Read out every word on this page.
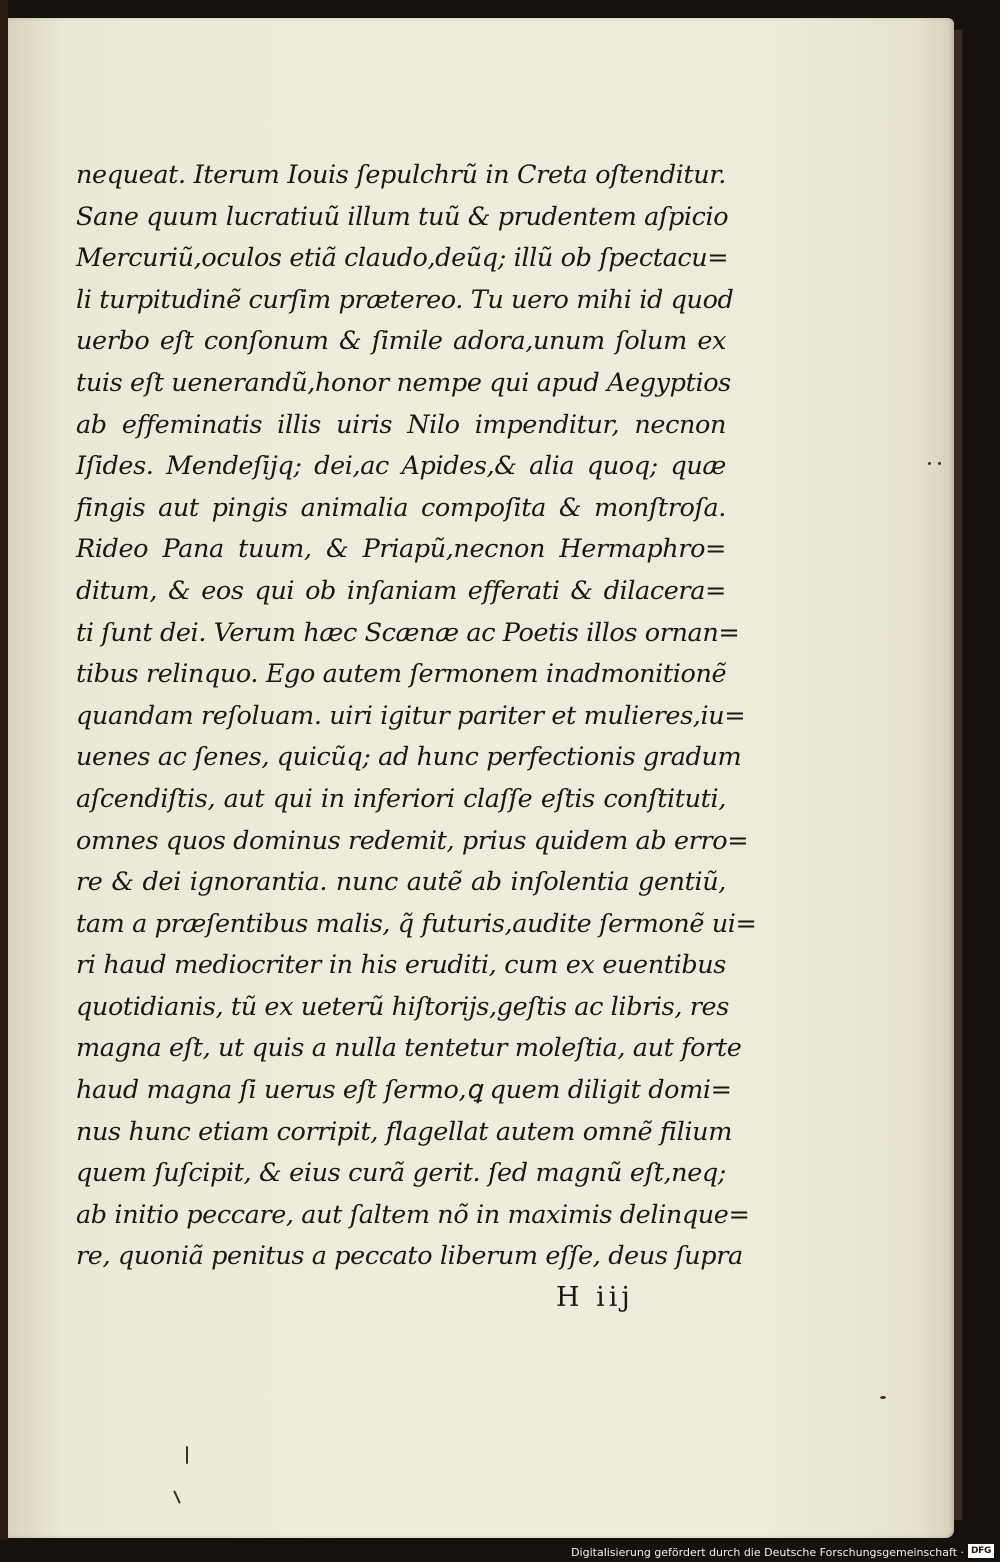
nequeat. Iterum Iouis ſepulchrũ in Creta oſtenditur.
Sane quum lucratiuũ illum tuũ & prudentem aſpicio
Mercuriũ,oculos etiã claudo,deũq; illũ ob ſpectacu=
li turpitudinẽ curſim prætereo. Tu uero mihi id quod
uerbo eſt conſonum & ſimile adora,unum ſolum ex
tuis eſt uenerandũ,honor nempe qui apud Aegyptios
ab effeminatis illis uiris Nilo impenditur, necnon
Iſides. Mendeſijq; dei,ac Apides,& alia quoq; quæ
fingis aut pingis animalia compoſita & monſtroſa.
Rideo Pana tuum, & Priapũ,necnon Hermaphro=
ditum, & eos qui ob inſaniam efferati & dilacera=
ti ſunt dei. Verum hæc Scænæ ac Poetis illos ornan=
tibus relinquo. Ego autem ſermonem inadmonitionẽ
quandam reſoluam. uiri igitur pariter et mulieres,iu=
uenes ac ſenes, quicũq; ad hunc perfectionis gradum
aſcendiſtis, aut qui in inferiori claſſe eſtis conſtituti,
omnes quos dominus redemit, prius quidem ab erro=
re & dei ignorantia. nunc autẽ ab inſolentia gentiũ,
tam a præſentibus malis, q̃ futuris,audite ſermonẽ ui=
ri haud mediocriter in his eruditi, cum ex euentibus
quotidianis, tũ ex ueterũ hiſtorijs,geſtis ac libris, res
magna eſt, ut quis a nulla tentetur moleſtia, aut forte
haud magna ſi uerus eſt ſermo,ꝗ quem diligit domi=
nus hunc etiam corripit, flagellat autem omnẽ filium
quem ſuſcipit, & eius curã gerit. ſed magnũ eſt,neq;
ab initio peccare, aut ſaltem nõ in maximis delinque=
re, quoniã penitus a peccato liberum eſſe, deus ſupra
H iij
Digitalisierung gefördert durch die Deutsche Forschungsgemeinschaft · DFG
